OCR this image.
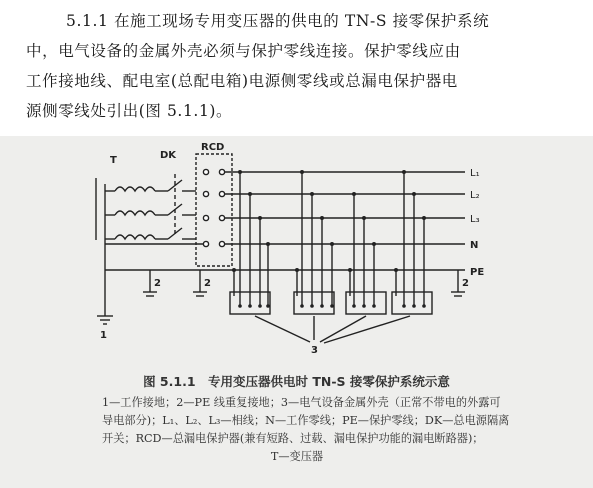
5.1.1 在施工现场专用变压器的供电的 TN-S 接零保护系统
中，电气设备的金属外壳必须与保护零线连接。保护零线应由
工作接地线、配电室(总配电箱)电源侧零线或总漏电保护器电
源侧零线处引出(图 5.1.1)。
L₁
L₂
L₃
N
PE
T	DK
RCD
3
1
2	2	2
图 5.1.1　专用变压器供电时 TN-S 接零保护系统示意
1—工作接地；2—PE 线重复接地；3—电气设备金属外壳（正常不带电的外露可
导电部分)；L₁、L₂、L₃—相线；N—工作零线；PE—保护零线；DK—总电源隔离
开关；RCD—总漏电保护器(兼有短路、过载、漏电保护功能的漏电断路器)；
T—变压器
